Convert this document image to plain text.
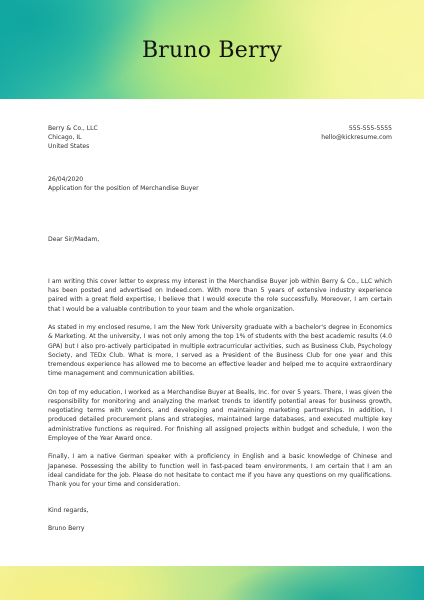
Bruno Berry
Berry & Co., LLC
Chicago, IL
United States
555-555-5555
hello@kickresume.com
26/04/2020
Application for the position of Merchandise Buyer
Dear Sir/Madam,

I am writing this cover letter to express my interest in the Merchandise Buyer job within Berry & Co., LLC which has been posted and advertised on Indeed.com. With more than 5 years of extensive industry experience paired with a great field expertise, I believe that I would execute the role successfully. Moreover, I am certain that I would be a valuable contribution to your team and the whole organization.

As stated in my enclosed resume, I am the New York University graduate with a bachelor's degree in Economics & Marketing. At the university, I was not only among the top 1% of students with the best academic results (4.0 GPA) but I also pro-actively participated in multiple extracurricular activities, such as Business Club, Psychology Society, and TEDx Club. What is more, I served as a President of the Business Club for one year and this tremendous experience has allowed me to become an effective leader and helped me to acquire extraordinary time management and communication abilities.

On top of my education, I worked as a Merchandise Buyer at Bealls, Inc. for over 5 years. There, I was given the responsibility for monitoring and analyzing the market trends to identify potential areas for business growth, negotiating terms with vendors, and developing and maintaining marketing partnerships. In addition, I produced detailed procurement plans and strategies, maintained large databases, and executed multiple key administrative functions as required. For finishing all assigned projects within budget and schedule, I won the Employee of the Year Award once.

Finally, I am a native German speaker with a proficiency in English and a basic knowledge of Chinese and Japanese. Possessing the ability to function well in fast-paced team environments, I am certain that I am an ideal candidate for the job. Please do not hesitate to contact me if you have any questions on my qualifications. Thank you for your time and consideration.

Kind regards,
Bruno Berry
